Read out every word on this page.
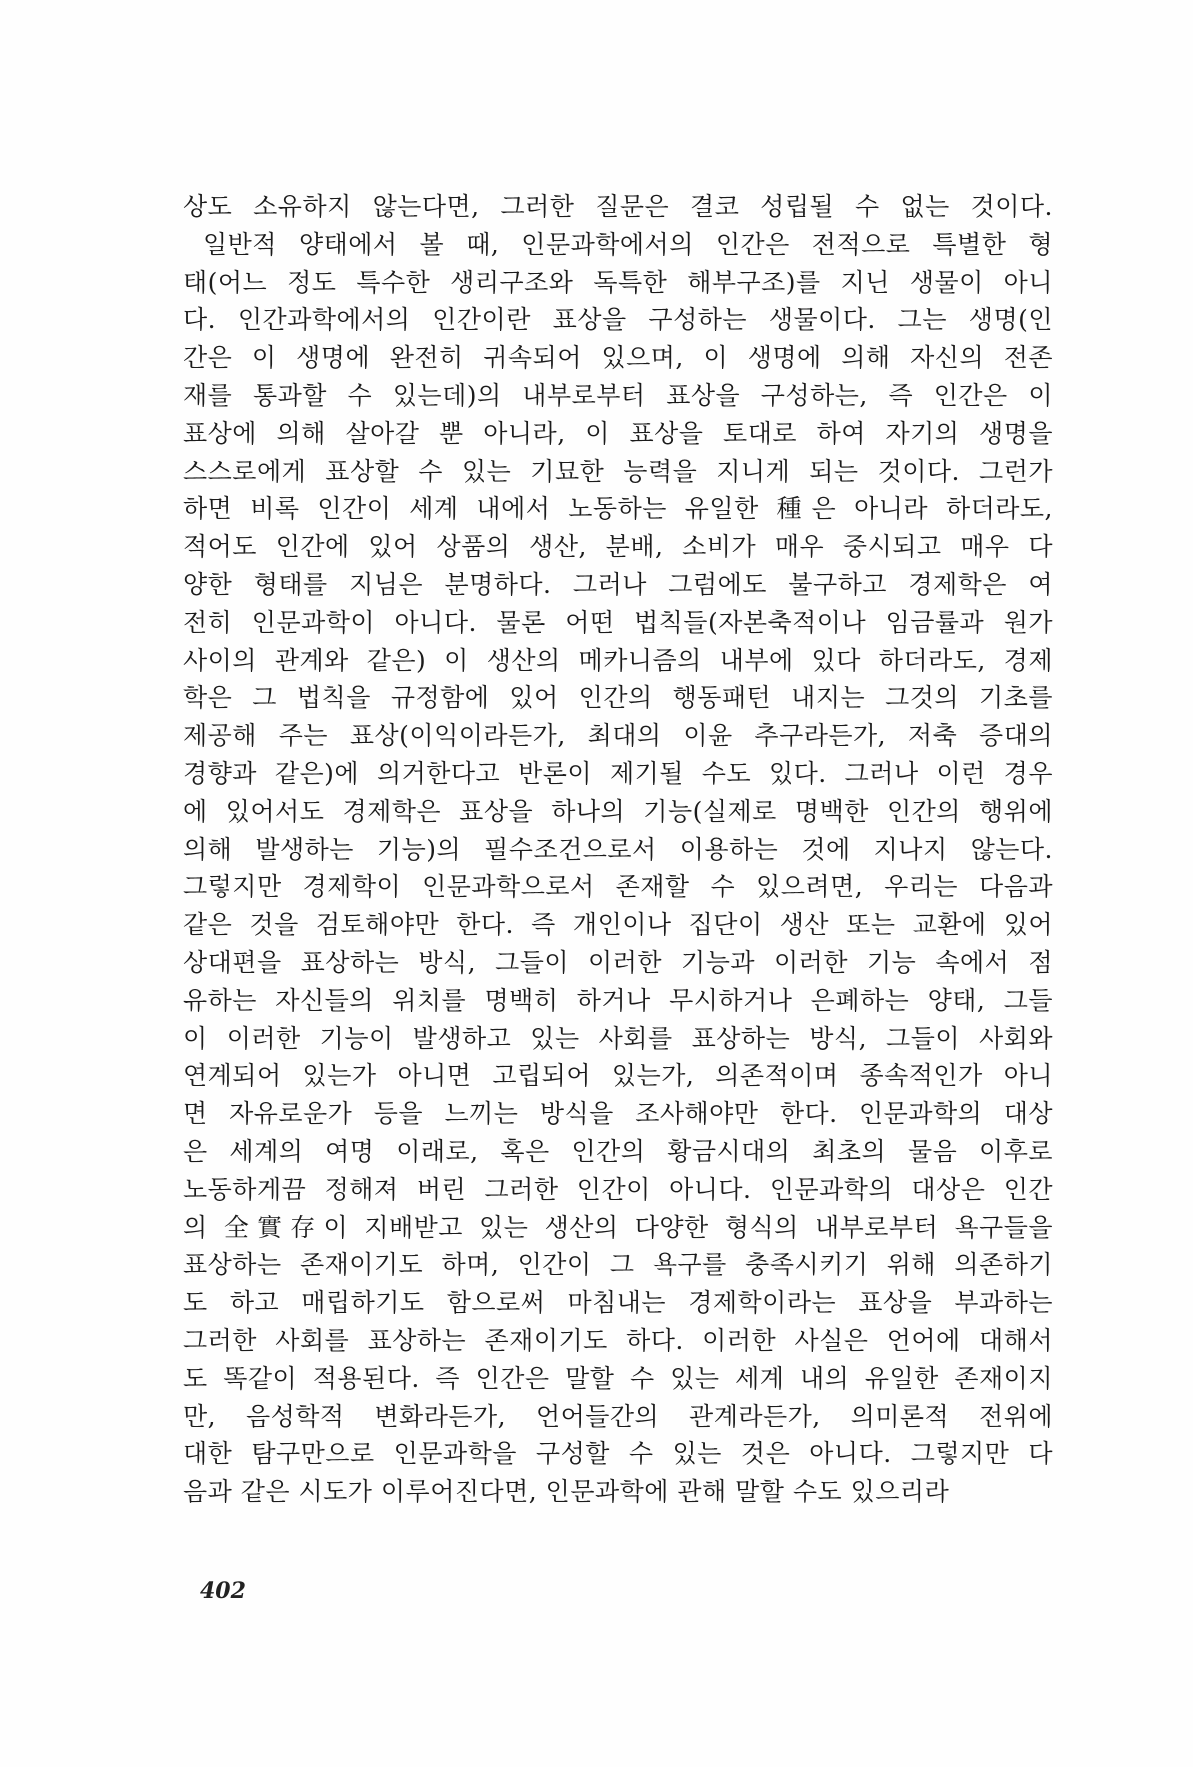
상도 소유하지 않는다면, 그러한 질문은 결코 성립될 수 없는 것이다.
일반적 양태에서 볼 때, 인문과학에서의 인간은 전적으로 특별한 형
태(어느 정도 특수한 생리구조와 독특한 해부구조)를 지닌 생물이 아니
다. 인간과학에서의 인간이란 표상을 구성하는 생물이다. 그는 생명(인
간은 이 생명에 완전히 귀속되어 있으며, 이 생명에 의해 자신의 전존
재를 통과할 수 있는데)의 내부로부터 표상을 구성하는, 즉 인간은 이
표상에 의해 살아갈 뿐 아니라, 이 표상을 토대로 하여 자기의 생명을
스스로에게 표상할 수 있는 기묘한 능력을 지니게 되는 것이다. 그런가
하면 비록 인간이 세계 내에서 노동하는 유일한 種은 아니라 하더라도,
적어도 인간에 있어 상품의 생산, 분배, 소비가 매우 중시되고 매우 다
양한 형태를 지님은 분명하다. 그러나 그럼에도 불구하고 경제학은 여
전히 인문과학이 아니다. 물론 어떤 법칙들(자본축적이나 임금률과 원가
사이의 관계와 같은) 이 생산의 메카니즘의 내부에 있다 하더라도, 경제
학은 그 법칙을 규정함에 있어 인간의 행동패턴 내지는 그것의 기초를
제공해 주는 표상(이익이라든가, 최대의 이윤 추구라든가, 저축 증대의
경향과 같은)에 의거한다고 반론이 제기될 수도 있다. 그러나 이런 경우
에 있어서도 경제학은 표상을 하나의 기능(실제로 명백한 인간의 행위에
의해 발생하는 기능)의 필수조건으로서 이용하는 것에 지나지 않는다.
그렇지만 경제학이 인문과학으로서 존재할 수 있으려면, 우리는 다음과
같은 것을 검토해야만 한다. 즉 개인이나 집단이 생산 또는 교환에 있어
상대편을 표상하는 방식, 그들이 이러한 기능과 이러한 기능 속에서 점
유하는 자신들의 위치를 명백히 하거나 무시하거나 은폐하는 양태, 그들
이 이러한 기능이 발생하고 있는 사회를 표상하는 방식, 그들이 사회와
연계되어 있는가 아니면 고립되어 있는가, 의존적이며 종속적인가 아니
면 자유로운가 등을 느끼는 방식을 조사해야만 한다. 인문과학의 대상
은 세계의 여명 이래로, 혹은 인간의 황금시대의 최초의 물음 이후로
노동하게끔 정해져 버린 그러한 인간이 아니다. 인문과학의 대상은 인간
의 全實存이 지배받고 있는 생산의 다양한 형식의 내부로부터 욕구들을
표상하는 존재이기도 하며, 인간이 그 욕구를 충족시키기 위해 의존하기
도 하고 매립하기도 함으로써 마침내는 경제학이라는 표상을 부과하는
그러한 사회를 표상하는 존재이기도 하다. 이러한 사실은 언어에 대해서
도 똑같이 적용된다. 즉 인간은 말할 수 있는 세계 내의 유일한 존재이지
만, 음성학적 변화라든가, 언어들간의 관계라든가, 의미론적 전위에
대한 탐구만으로 인문과학을 구성할 수 있는 것은 아니다. 그렇지만 다
음과 같은 시도가 이루어진다면, 인문과학에 관해 말할 수도 있으리라
402
